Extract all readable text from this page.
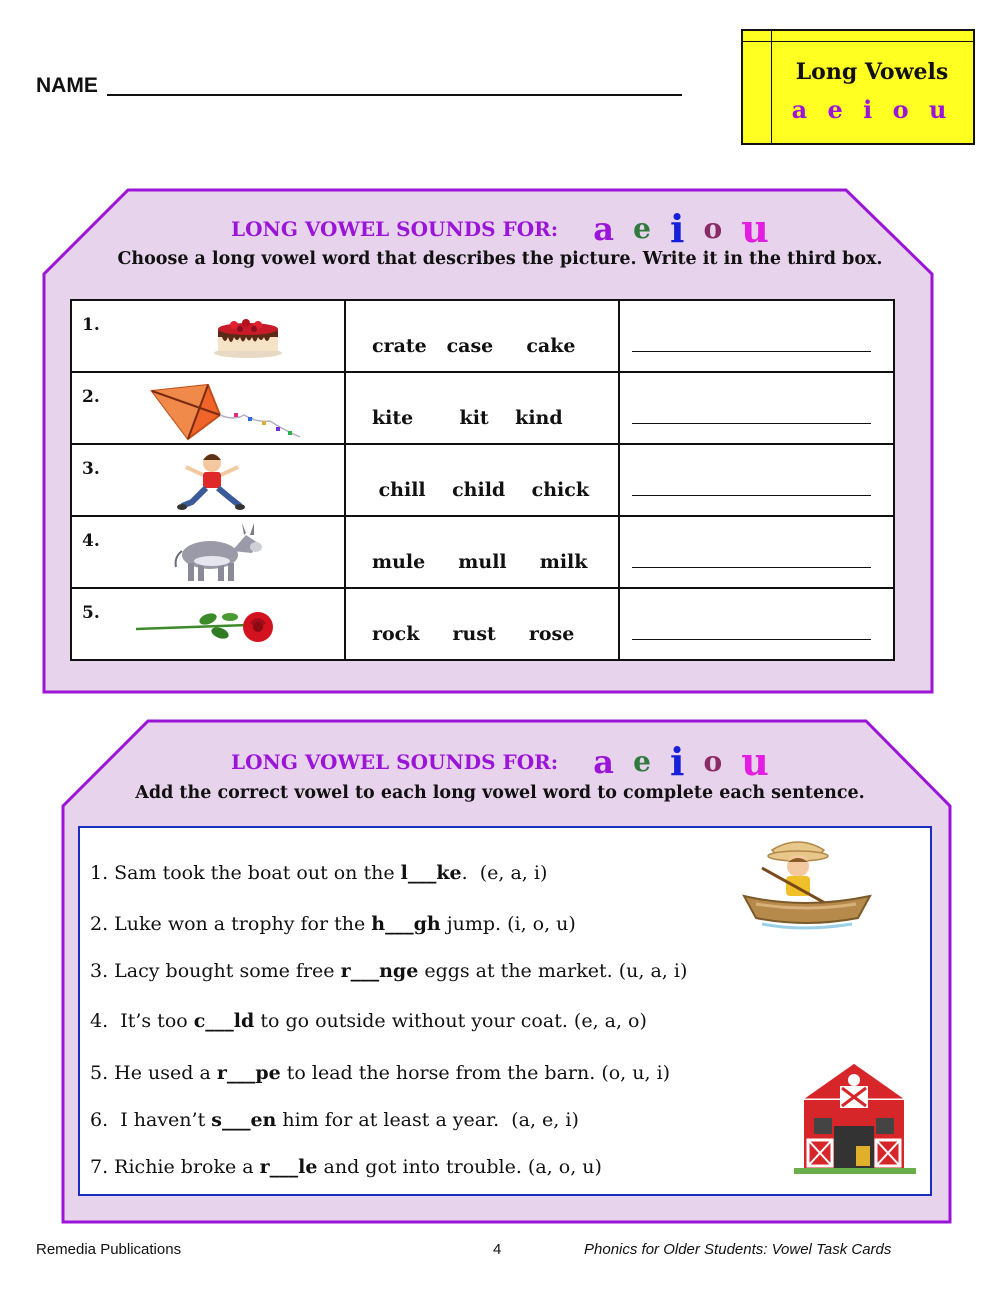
NAME
Long Vowels
a e i o u
LONG VOWEL SOUNDS FOR: a e i o u
Choose a long vowel word that describes the picture. Write it in the third box.
1.	crate   case     cake	

2.	kite       kit    kind	

3.	chill    child    chick	

4.	mule     mull     milk	

5.	rock     rust     rose	

LONG VOWEL SOUNDS FOR: a e i o u
Add the correct vowel to each long vowel word to complete each sentence.
1. Sam took the boat out on the l___ke.  (e, a, i)
2. Luke won a trophy for the h___gh jump. (i, o, u)
3. Lacy bought some free r___nge eggs at the market. (u, a, i)
4.  It’s too c___ld to go outside without your coat. (e, a, o)
5. He used a r___pe to lead the horse from the barn. (o, u, i)
6.  I haven’t s___en him for at least a year.  (a, e, i)
7. Richie broke a r___le and got into trouble. (a, o, u)
Remedia Publications	4	Phonics for Older Students: Vowel Task Cards
